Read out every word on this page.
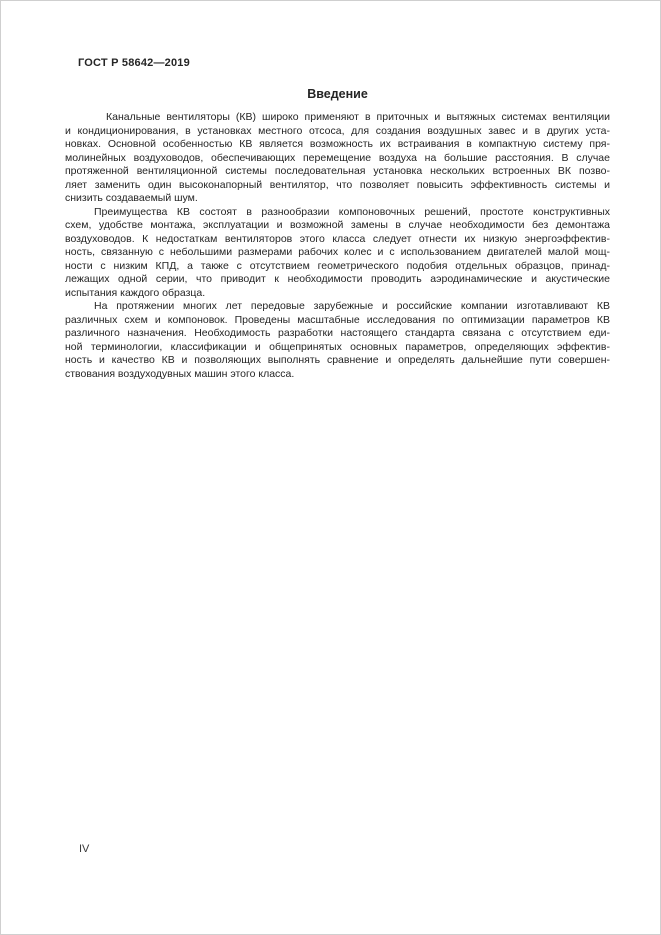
ГОСТ Р 58642—2019
Введение
Канальные вентиляторы (КВ) широко применяют в приточных и вытяжных системах вентиляции
и кондиционирования, в установках местного отсоса, для создания воздушных завес и в других уста-
новках. Основной особенностью КВ является возможность их встраивания в компактную систему пря-
молинейных воздуховодов, обеспечивающих перемещение воздуха на большие расстояния. В случае
протяженной вентиляционной системы последовательная установка нескольких встроенных ВК позво-
ляет заменить один высоконапорный вентилятор, что позволяет повысить эффективность системы и
снизить создаваемый шум.
Преимущества КВ состоят в разнообразии компоновочных решений, простоте конструктивных
схем, удобстве монтажа, эксплуатации и возможной замены в случае необходимости без демонтажа
воздуховодов. К недостаткам вентиляторов этого класса следует отнести их низкую энергоэффектив-
ность, связанную с небольшими размерами рабочих колес и с использованием двигателей малой мощ-
ности с низким КПД, а также с отсутствием геометрического подобия отдельных образцов, принад-
лежащих одной серии, что приводит к необходимости проводить аэродинамические и акустические
испытания каждого образца.
На протяжении многих лет передовые зарубежные и российские компании изготавливают КВ
различных схем и компоновок. Проведены масштабные исследования по оптимизации параметров КВ
различного назначения. Необходимость разработки настоящего стандарта связана с отсутствием еди-
ной терминологии, классификации и общепринятых основных параметров, определяющих эффектив-
ность и качество КВ и позволяющих выполнять сравнение и определять дальнейшие пути совершен-
ствования воздуходувных машин этого класса.
IV
